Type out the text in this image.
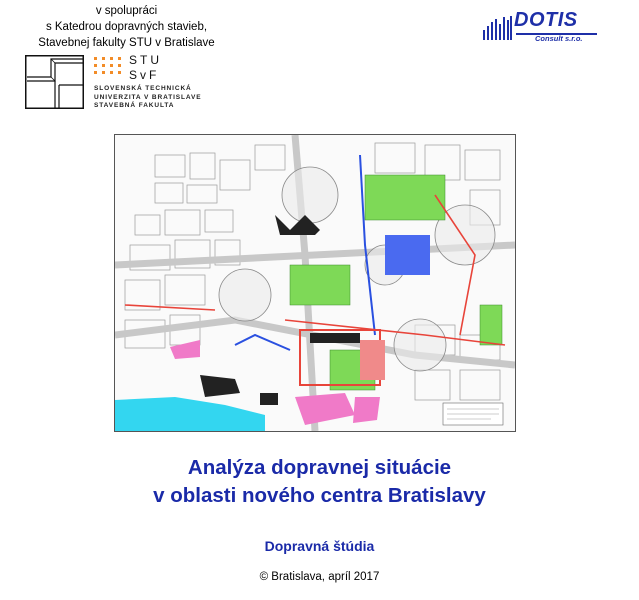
v spolupráci
s Katedrou dopravných stavieb,
Stavebnej fakulty STU v Bratislave
STU
SvF
SLOVENSKÁ TECHNICKÁ
UNIVERZITA V BRATISLAVE
STAVEBNÁ FAKULTA
DOTIS
Consult s.r.o.
Analýza dopravnej situácie
v oblasti nového centra Bratislavy
Dopravná štúdia
© Bratislava, apríl 2017
